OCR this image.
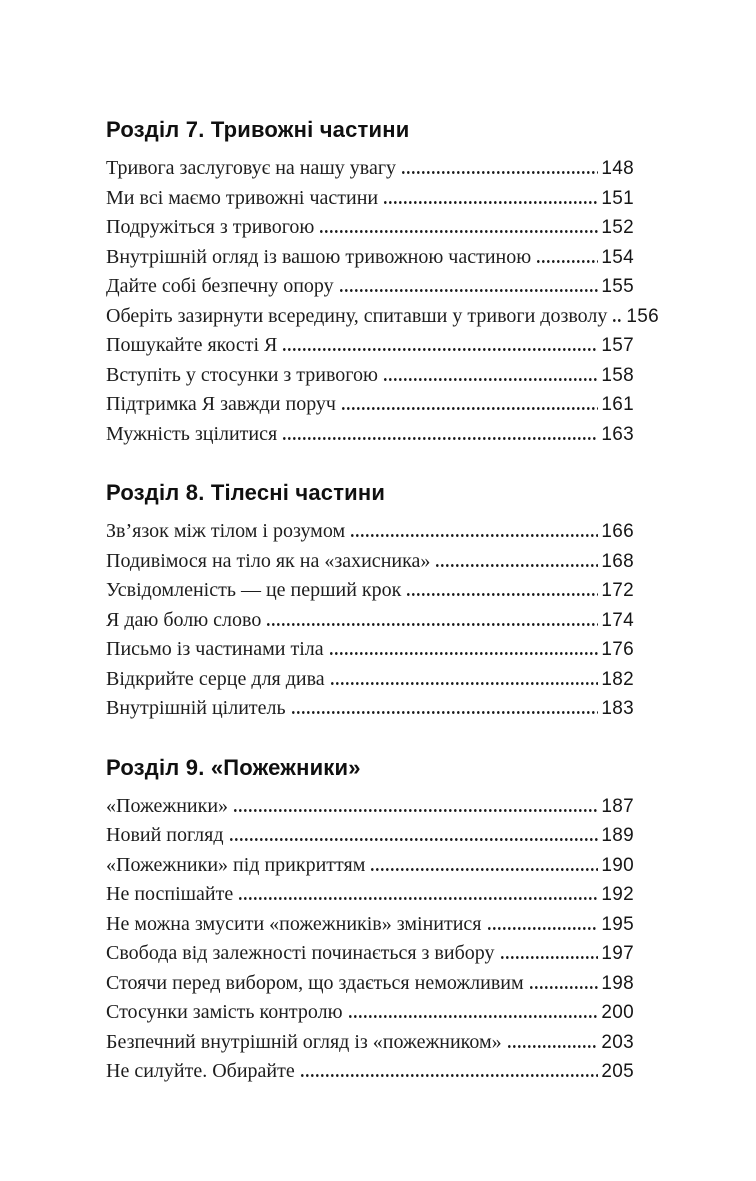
Розділ 7. Тривожні частини
Тривога заслуговує на нашу увагу	148
Ми всі маємо тривожні частини	151
Подружіться з тривогою	152
Внутрішній огляд із вашою тривожною частиною	154
Дайте собі безпечну опору	155
Оберіть зазирнути всередину, спитавши у тривоги дозволу 156
Пошукайте якості Я	157
Вступіть у стосунки з тривогою	158
Підтримка Я завжди поруч	161
Мужність зцілитися	163
Розділ 8. Тілесні частини
Зв’язок між тілом і розумом	166
Подивімося на тіло як на «захисника»	168
Усвідомленість — це перший крок	172
Я даю болю слово	174
Письмо із частинами тіла	176
Відкрийте серце для дива	182
Внутрішній цілитель	183
Розділ 9. «Пожежники»
«Пожежники»	187
Новий погляд	189
«Пожежники» під прикриттям	190
Не поспішайте	192
Не можна змусити «пожежників» змінитися	195
Свобода від залежності починається з вибору	197
Стоячи перед вибором, що здається неможливим	198
Стосунки замість контролю	200
Безпечний внутрішній огляд із «пожежником»	203
Не силуйте. Обирайте	205
